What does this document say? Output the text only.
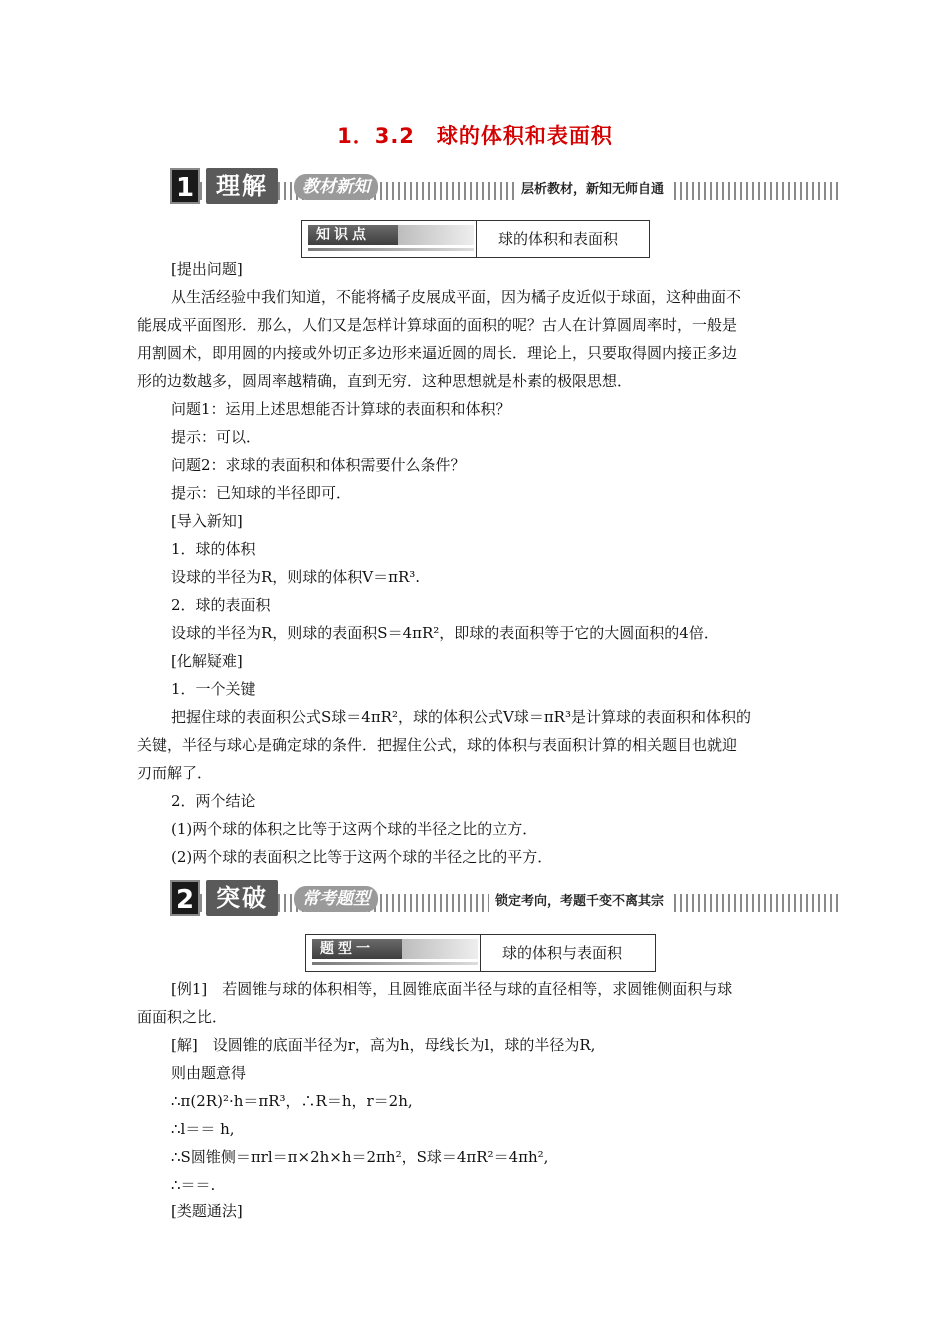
1．3.2　球的体积和表面积
1 理解	教材新知	层析教材，新知无师自通
知识点	球的体积和表面积
[提出问题]
从生活经验中我们知道，不能将橘子皮展成平面，因为橘子皮近似于球面，这种曲面不
能展成平面图形．那么，人们又是怎样计算球面的面积的呢？古人在计算圆周率时，一般是
用割圆术，即用圆的内接或外切正多边形来逼近圆的周长．理论上，只要取得圆内接正多边
形的边数越多，圆周率越精确，直到无穷．这种思想就是朴素的极限思想．
问题1：运用上述思想能否计算球的表面积和体积？
提示：可以．
问题2：求球的表面积和体积需要什么条件？
提示：已知球的半径即可．
[导入新知]
1．球的体积
设球的半径为R，则球的体积V＝πR³.
2．球的表面积
设球的半径为R，则球的表面积S＝4πR²，即球的表面积等于它的大圆面积的4倍．
[化解疑难]
1．一个关键
把握住球的表面积公式S球＝4πR²，球的体积公式V球＝πR³是计算球的表面积和体积的
关键，半径与球心是确定球的条件．把握住公式，球的体积与表面积计算的相关题目也就迎
刃而解了．
2．两个结论
(1)两个球的体积之比等于这两个球的半径之比的立方．
(2)两个球的表面积之比等于这两个球的半径之比的平方．
2 突破	常考题型	锁定考向，考题千变不离其宗
题型一	球的体积与表面积
[例1]　若圆锥与球的体积相等，且圆锥底面半径与球的直径相等，求圆锥侧面积与球
面面积之比．
[解]　设圆锥的底面半径为r，高为h，母线长为l，球的半径为R,
则由题意得
∴π(2R)²·h＝πR³，∴R＝h，r＝2h,
∴l＝＝ h,
∴S圆锥侧＝πrl＝π×2h×h＝2πh²，S球＝4πR²＝4πh²,
∴＝＝.
[类题通法]
